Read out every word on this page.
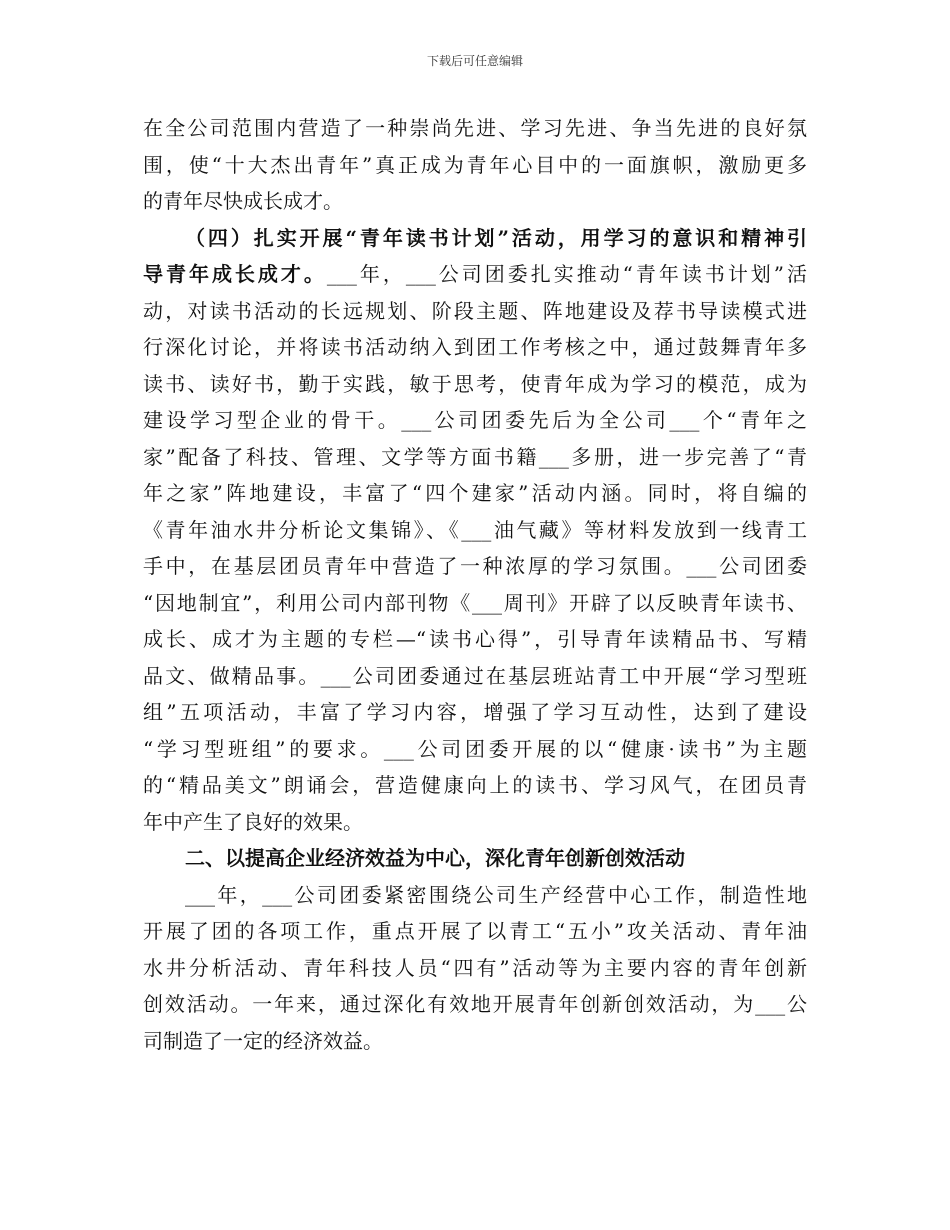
下载后可任意编辑
在全公司范围内营造了一种崇尚先进、学习先进、争当先进的良好氛
围，使“十大杰出青年”真正成为青年心目中的一面旗帜，激励更多
的青年尽快成长成才。
（四）扎实开展“青年读书计划”活动，用学习的意识和精神引
导青年成长成才。___年，___公司团委扎实推动“青年读书计划”活
动，对读书活动的长远规划、阶段主题、阵地建设及荐书导读模式进
行深化讨论，并将读书活动纳入到团工作考核之中，通过鼓舞青年多
读书、读好书，勤于实践，敏于思考，使青年成为学习的模范，成为
建设学习型企业的骨干。___公司团委先后为全公司___个“青年之
家”配备了科技、管理、文学等方面书籍___多册，进一步完善了“青
年之家”阵地建设，丰富了“四个建家”活动内涵。同时，将自编的
《青年油水井分析论文集锦》、《___油气藏》等材料发放到一线青工
手中，在基层团员青年中营造了一种浓厚的学习氛围。___公司团委
“因地制宜”，利用公司内部刊物《___周刊》开辟了以反映青年读书、
成长、成才为主题的专栏—“读书心得”，引导青年读精品书、写精
品文、做精品事。___公司团委通过在基层班站青工中开展“学习型班
组”五项活动，丰富了学习内容，增强了学习互动性，达到了建设
“学习型班组”的要求。___公司团委开展的以“健康·读书”为主题
的“精品美文”朗诵会，营造健康向上的读书、学习风气，在团员青
年中产生了良好的效果。
二、以提高企业经济效益为中心，深化青年创新创效活动
___年，___公司团委紧密围绕公司生产经营中心工作，制造性地
开展了团的各项工作，重点开展了以青工“五小”攻关活动、青年油
水井分析活动、青年科技人员“四有”活动等为主要内容的青年创新
创效活动。一年来，通过深化有效地开展青年创新创效活动，为___公
司制造了一定的经济效益。
